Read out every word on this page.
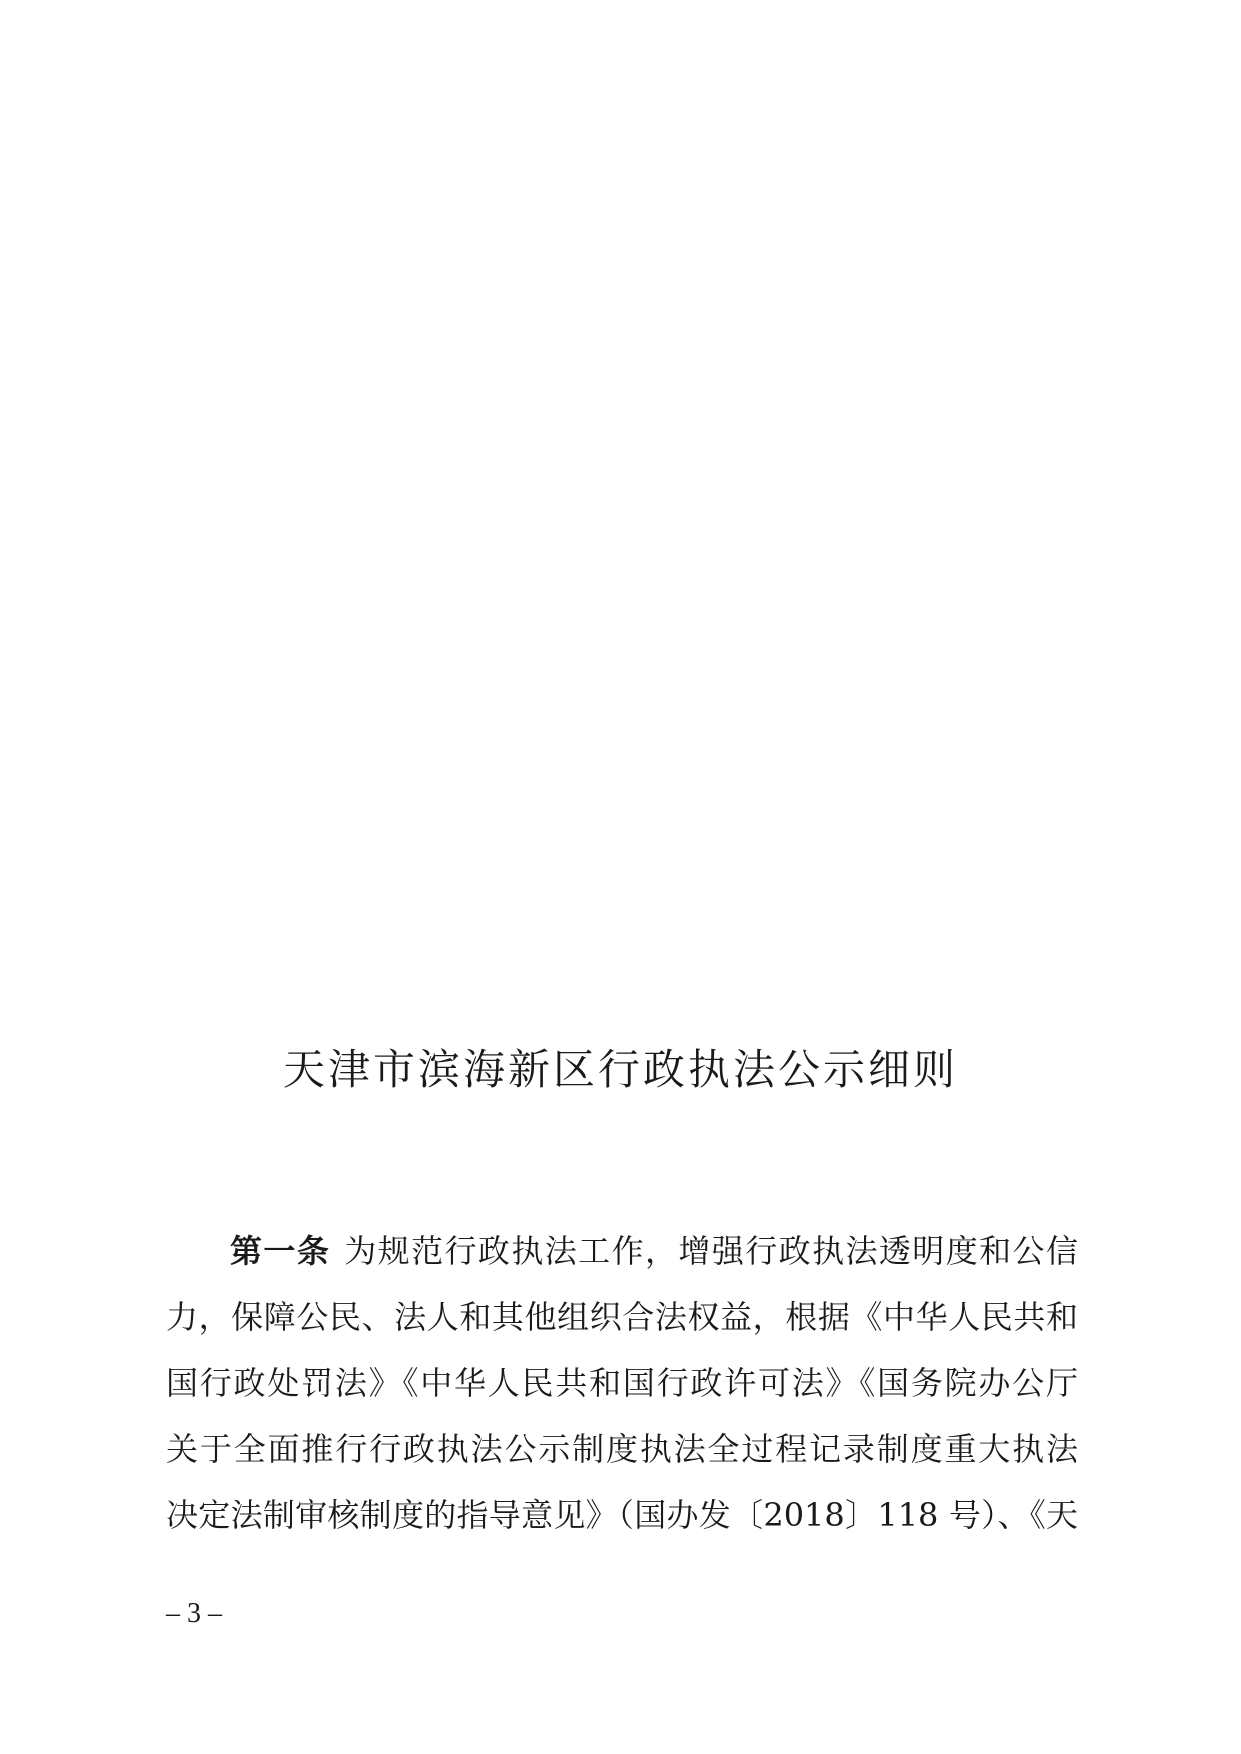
天津市滨海新区行政执法公示细则
第一条 为规范行政执法工作，增强行政执法透明度和公信
力，保障公民、法人和其他组织合法权益，根据《中华人民共和
国行政处罚法》《中华人民共和国行政许可法》《国务院办公厅
关于全面推行行政执法公示制度执法全过程记录制度重大执法
决定法制审核制度的指导意见》（国办发〔2018〕118 号）、《天
– 3 –
